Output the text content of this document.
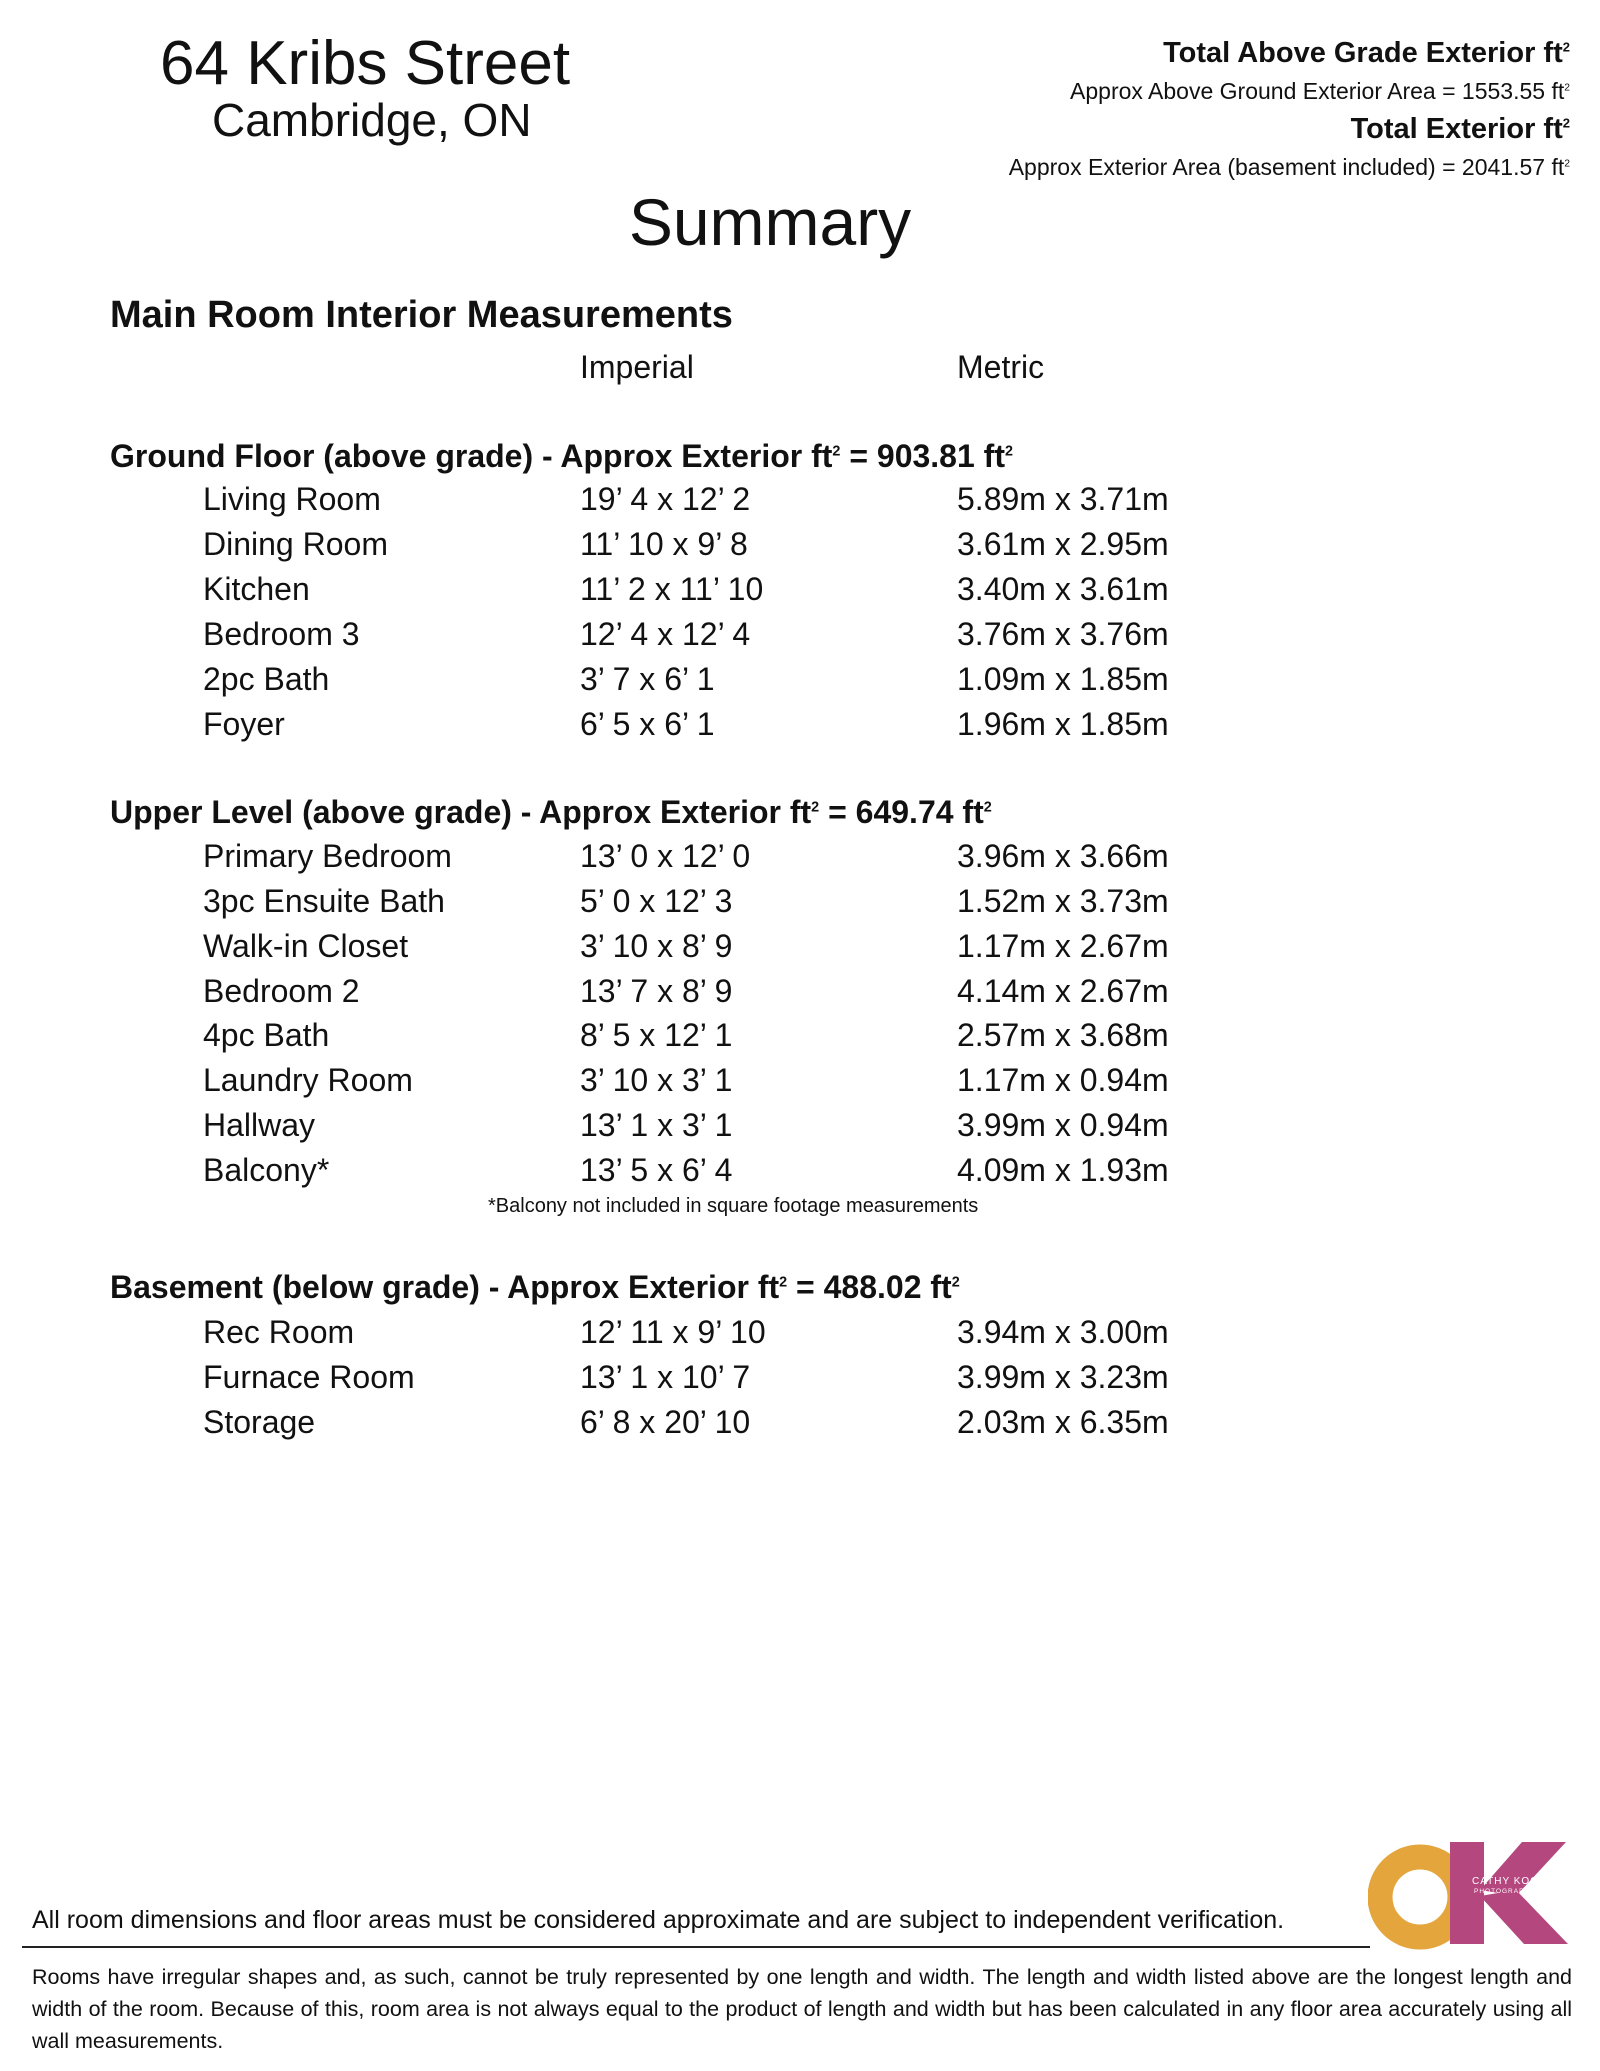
64 Kribs Street
Cambridge, ON
Total Above Grade Exterior $ft^2$
Approx Above Ground Exterior Area = 1553.55 $ft^2$
Total Exterior $ft^2$
Approx Exterior Area (basement included) = 2041.57 $ft^2$
Summary
Main Room Interior Measurements
Imperial	Metric
Ground Floor (above grade) - Approx Exterior $ft^2 = 903.81$ $ft^2$
Living Room	19’ 4 x 12’ 2	5.89m x 3.71m
Dining Room	11’ 10 x 9’ 8	3.61m x 2.95m
Kitchen	11’ 2 x 11’ 10	3.40m x 3.61m
Bedroom 3	12’ 4 x 12’ 4	3.76m x 3.76m
2pc Bath	3’ 7 x 6’ 1	1.09m x 1.85m
Foyer	6’ 5 x 6’ 1	1.96m x 1.85m
Upper Level (above grade) - Approx Exterior $ft^2 = 649.74$ $ft^2$
Primary Bedroom	13’ 0 x 12’ 0	3.96m x 3.66m
3pc Ensuite Bath	5’ 0 x 12’ 3	1.52m x 3.73m
Walk-in Closet	3’ 10 x 8’ 9	1.17m x 2.67m
Bedroom 2	13’ 7 x 8’ 9	4.14m x 2.67m
4pc Bath	8’ 5 x 12’ 1	2.57m x 3.68m
Laundry Room	3’ 10 x 3’ 1	1.17m x 0.94m
Hallway	13’ 1 x 3’ 1	3.99m x 0.94m
Balcony*	13’ 5 x 6’ 4	4.09m x 1.93m
*Balcony not included in square footage measurements
Basement (below grade) - Approx Exterior $ft^2 = 488.02$ $ft^2$
Rec Room	12’ 11 x 9’ 10	3.94m x 3.00m
Furnace Room	13’ 1 x 10’ 7	3.99m x 3.23m
Storage	6’ 8 x 20’ 10	2.03m x 6.35m
All room dimensions and floor areas must be considered approximate and are subject to independent verification.
Rooms have irregular shapes and, as such, cannot be truly represented by one length and width. The length and width listed above are the longest length and width of the room. Because of this, room area is not always equal to the product of length and width but has been calculated in any floor area accurately using all wall measurements.
CATHY KOOP
PHOTOGRAPHY
